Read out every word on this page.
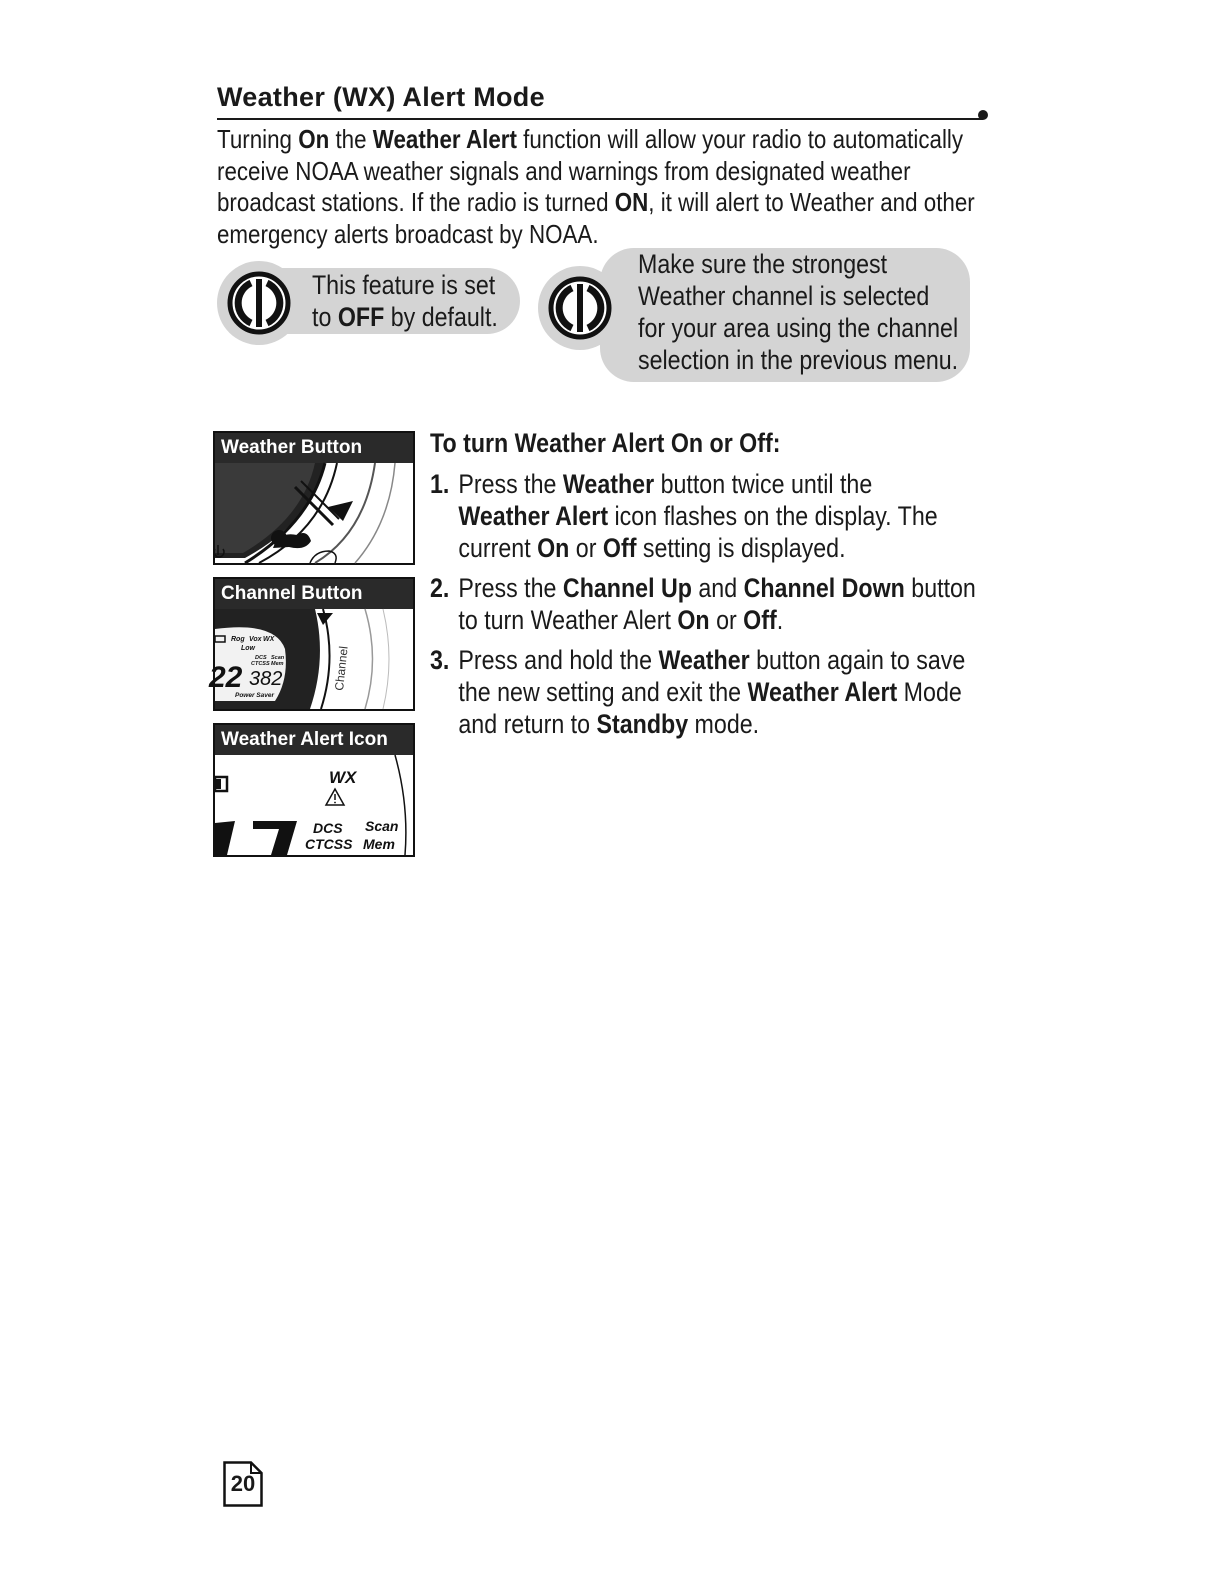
Weather (WX) Alert Mode
Turning On the Weather Alert function will allow your radio to automatically
receive NOAA weather signals and warnings from designated weather
broadcast stations. If the radio is turned ON, it will alert to Weather and other
emergency alerts broadcast by NOAA.
This feature is set
to OFF by default.
Make sure the strongest
Weather channel is selected
for your area using the channel
selection in the previous menu.
Weather Button
Channel Button
Rog Vox WX
Low
DCS Scan
CTCSS Mem
22 382
Power Saver
Channel
Weather Alert Icon
WX
DCS Scan
CTCSS Mem
To turn Weather Alert On or Off:
1. Press the Weather button twice until the
Weather Alert icon flashes on the display. The
current On or Off setting is displayed.
2. Press the Channel Up and Channel Down button
to turn Weather Alert On or Off.
3. Press and hold the Weather button again to save
the new setting and exit the Weather Alert Mode
and return to Standby mode.
20
